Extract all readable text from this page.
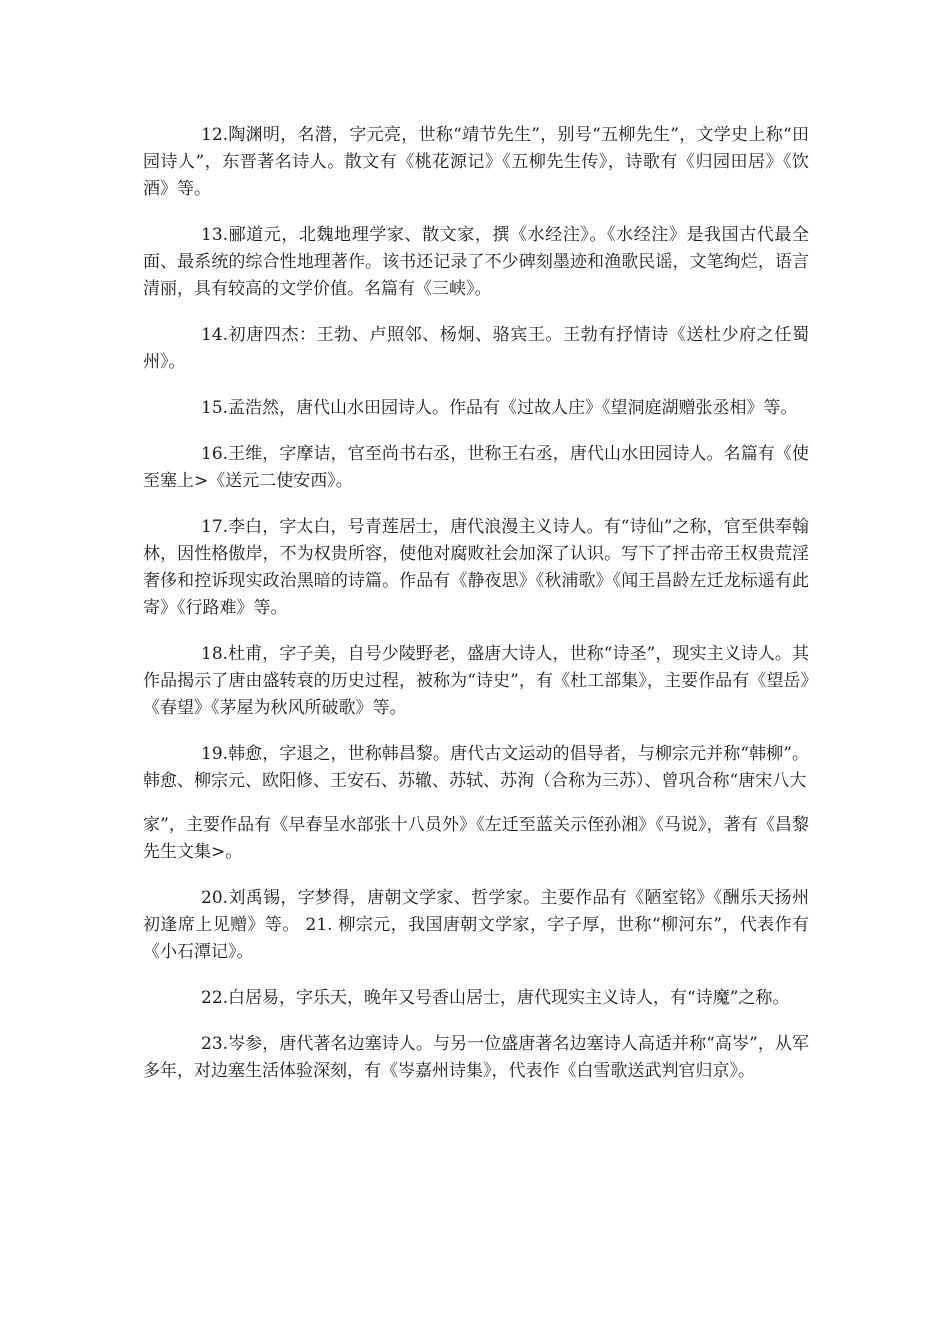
12.陶渊明，名潜，字元亮，世称“靖节先生”，别号“五柳先生”，文学史上称“田园诗人”，东晋著名诗人。散文有《桃花源记》《五柳先生传》，诗歌有《归园田居》《饮酒》等。

13.郦道元，北魏地理学家、散文家，撰《水经注》。《水经注》是我国古代最全面、最系统的综合性地理著作。该书还记录了不少碑刻墨迹和渔歌民谣，文笔绚烂，语言清丽，具有较高的文学价值。名篇有《三峡》。

14.初唐四杰：王勃、卢照邻、杨炯、骆宾王。王勃有抒情诗《送杜少府之任蜀州》。

15.孟浩然，唐代山水田园诗人。作品有《过故人庄》《望洞庭湖赠张丞相》等。

16.王维，字摩诘，官至尚书右丞，世称王右丞，唐代山水田园诗人。名篇有《使至塞上>《送元二使安西》。

17.李白，字太白，号青莲居士，唐代浪漫主义诗人。有“诗仙”之称，官至供奉翰林，因性格傲岸，不为权贵所容，使他对腐败社会加深了认识。写下了抨击帝王权贵荒淫奢侈和控诉现实政治黑暗的诗篇。作品有《静夜思》《秋浦歌》《闻王昌龄左迁龙标遥有此寄》《行路难》等。

18.杜甫，字子美，自号少陵野老，盛唐大诗人，世称“诗圣”，现实主义诗人。其作品揭示了唐由盛转衰的历史过程，被称为“诗史”，有《杜工部集》，主要作品有《望岳》《春望》《茅屋为秋风所破歌》等。

19.韩愈，字退之，世称韩昌黎。唐代古文运动的倡导者，与柳宗元并称“韩柳”。韩愈、柳宗元、欧阳修、王安石、苏辙、苏轼、苏洵（合称为三苏）、曾巩合称“唐宋八大

家”，主要作品有《早春呈水部张十八员外》《左迁至蓝关示侄孙湘》《马说》，著有《昌黎先生文集>。

20.刘禹锡，字梦得，唐朝文学家、哲学家。主要作品有《陋室铭》《酬乐天扬州初逢席上见赠》等。 21. 柳宗元，我国唐朝文学家，字子厚，世称“柳河东”，代表作有《小石潭记》。

22.白居易，字乐天，晚年又号香山居士，唐代现实主义诗人，有“诗魔”之称。

23.岑参，唐代著名边塞诗人。与另一位盛唐著名边塞诗人高适并称“高岑”，从军多年，对边塞生活体验深刻，有《岑嘉州诗集》，代表作《白雪歌送武判官归京》。
